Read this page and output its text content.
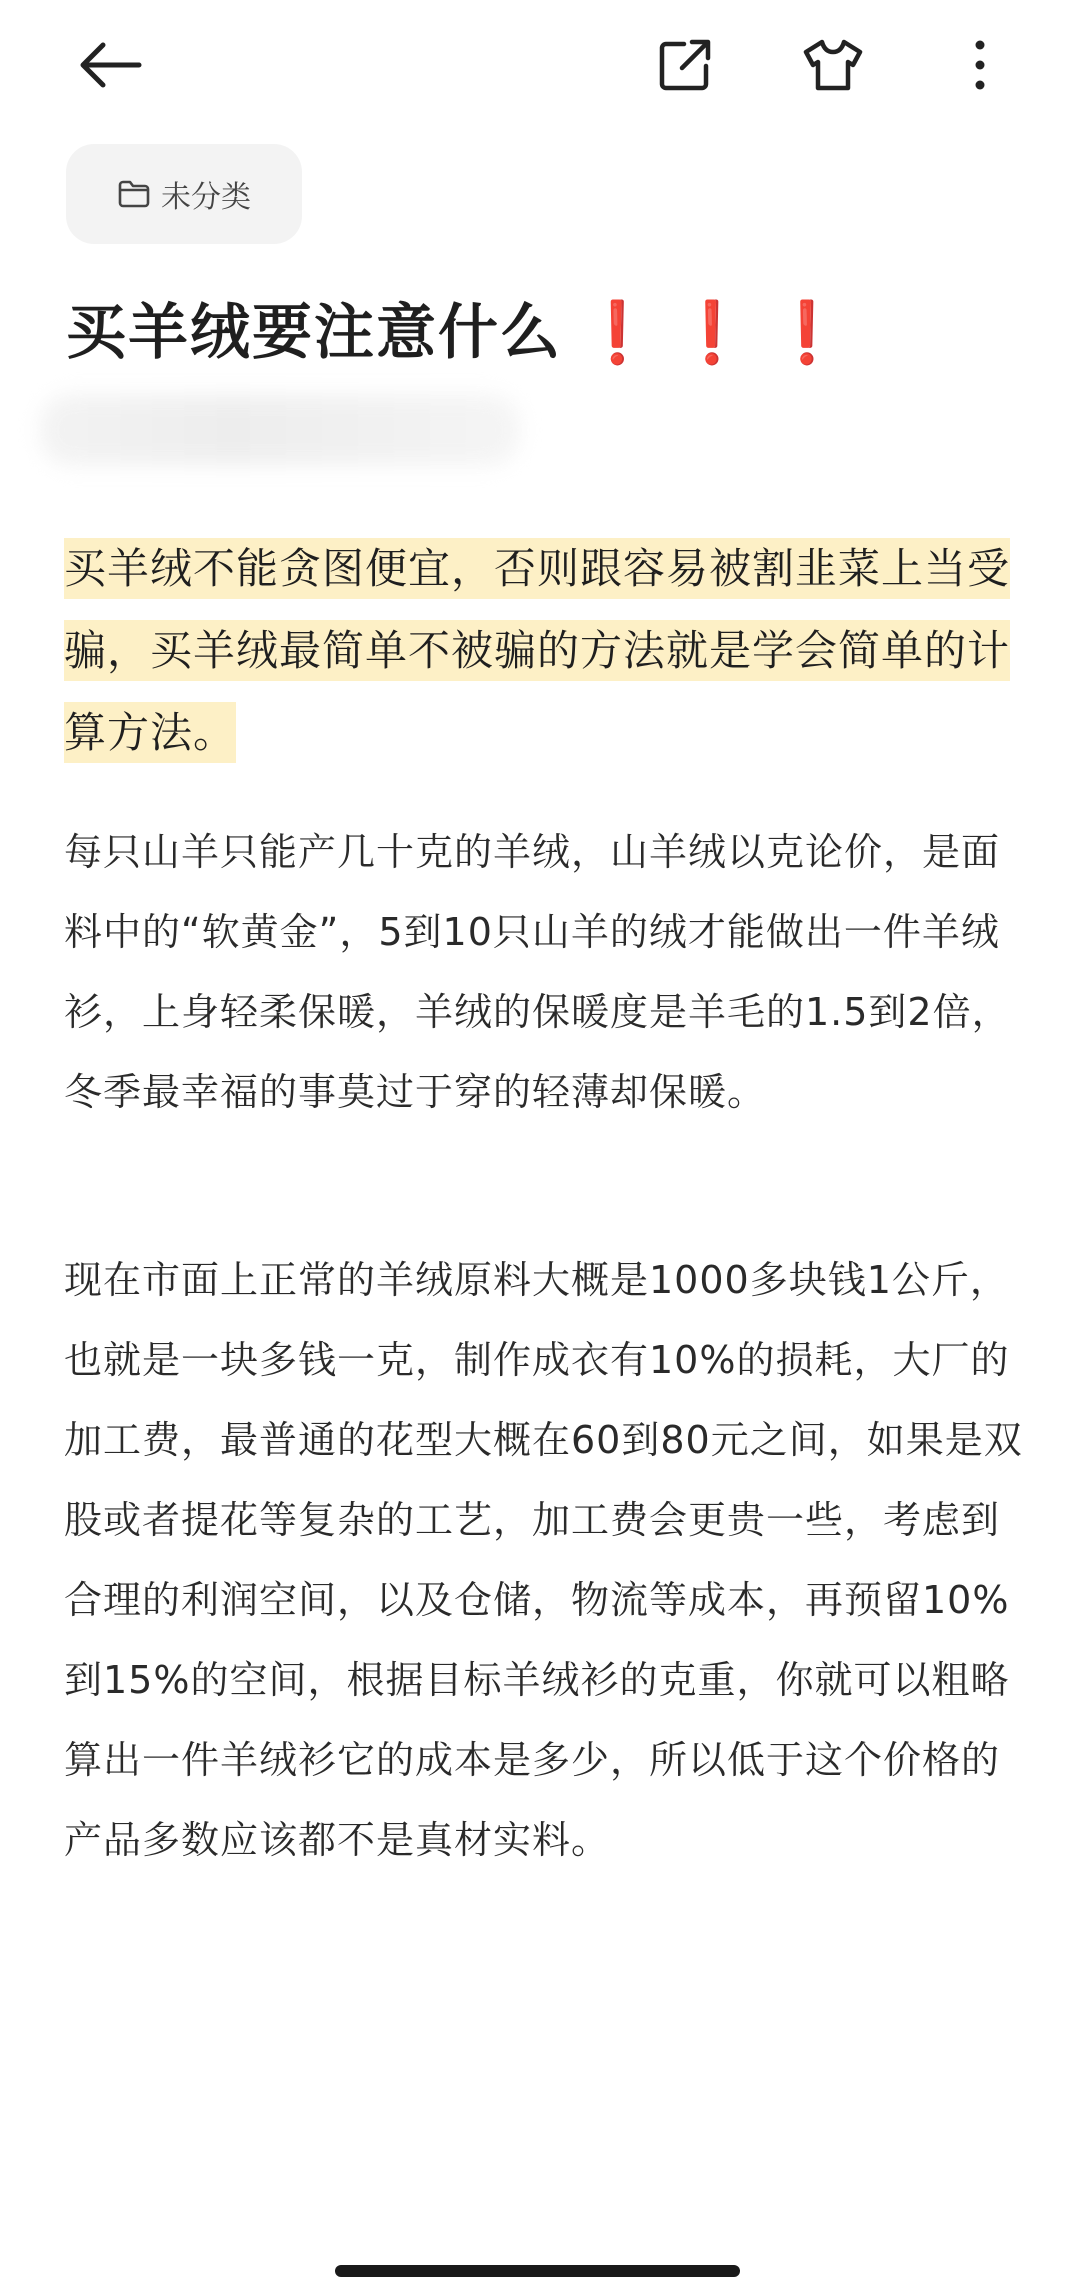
未分类
买羊绒要注意什么 ❗ ❗ ❗
买羊绒不能贪图便宜，否则跟容易被割韭菜上当受骗，买羊绒最简单不被骗的方法就是学会简单的计算方法。
每只山羊只能产几十克的羊绒，山羊绒以克论价，是面料中的“软黄金”，5到10只山羊的绒才能做出一件羊绒衫，上身轻柔保暖，羊绒的保暖度是羊毛的1.5到2倍，冬季最幸福的事莫过于穿的轻薄却保暖。
现在市面上正常的羊绒原料大概是1000多块钱1公斤，也就是一块多钱一克，制作成衣有10%的损耗，大厂的加工费，最普通的花型大概在60到80元之间，如果是双股或者提花等复杂的工艺，加工费会更贵一些，考虑到合理的利润空间，以及仓储，物流等成本，再预留10%到15%的空间，根据目标羊绒衫的克重，你就可以粗略算出一件羊绒衫它的成本是多少，所以低于这个价格的产品多数应该都不是真材实料。
